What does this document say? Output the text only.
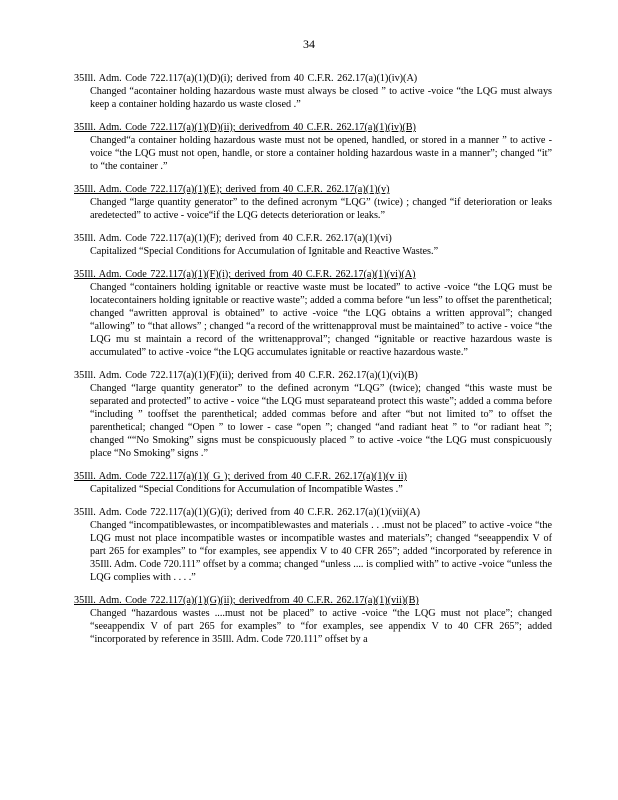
34
35Ill. Adm. Code 722.117(a)(1)(D)(i); derived from 40 C.F.R. 262.17(a)(1)(iv)(A)
Changed “acontainer holding hazardous waste must always be closed ” to active -voice “the LQG must always keep a container holding hazardo us waste closed .”
35Ill. Adm. Code 722.117(a)(1)(D)(ii); derivedfrom 40 C.F.R. 262.17(a)(1)(iv)(B)
Changed“a container holding hazardous waste must not be opened, handled, or stored in a manner ” to active -voice “the LQG must not open, handle, or store a container holding hazardous waste in a manner”; changed “it” to “the container .”
35Ill. Adm. Code 722.117(a)(1)(E); derived from 40 C.F.R. 262.17(a)(1)(v)
Changed “large quantity generator” to the defined acronym “LQG” (twice) ; changed “if deterioration or leaks aredetected” to active - voice“if the LQG detects deterioration or leaks.”
35Ill. Adm. Code 722.117(a)(1)(F); derived from 40 C.F.R. 262.17(a)(1)(vi)
Capitalized “Special Conditions for Accumulation of Ignitable and Reactive Wastes.”
35Ill. Adm. Code 722.117(a)(1)(F)(i); derived from 40 C.F.R. 262.17(a)(1)(vi)(A)
Changed “containers holding ignitable or reactive waste must be located” to active -voice “the LQG must be locatecontainers holding ignitable or reactive waste”; added a comma before “un less” to offset the parenthetical; changed “awritten approval is obtained” to active -voice “the LQG obtains a written approval”; changed “allowing” to “that allows” ; changed “a record of the writtenapproval must be maintained” to active - voice “the LQG mu st maintain a record of the writtenapproval”; changed “ignitable or reactive hazardous waste is accumulated” to active -voice “the LQG accumulates ignitable or reactive hazardous waste.”
35Ill. Adm. Code 722.117(a)(1)(F)(ii); derived from 40 C.F.R. 262.17(a)(1)(vi)(B)
Changed “large quantity generator” to the defined acronym “LQG” (twice); changed “this waste must be separated and protected” to active - voice “the LQG must separateand protect this waste”; added a comma before “including ” tooffset the parenthetical; added commas before and after “but not limited to” to offset the parenthetical; changed “Open ” to lower - case “open ”; changed “and radiant heat ” to “or radiant heat ”; changed ““No Smoking” signs must be conspicuously placed ” to active -voice “the LQG must conspicuously place “No Smoking” signs .”
35Ill. Adm. Code 722.117(a)(1)( G ); derived from 40 C.F.R. 262.17(a)(1)(v ii)
Capitalized “Special Conditions for Accumulation of Incompatible Wastes .”
35Ill. Adm. Code 722.117(a)(1)(G)(i); derived from 40 C.F.R. 262.17(a)(1)(vii)(A)
Changed “incompatiblewastes, or incompatiblewastes and materials . . .must not be placed” to active -voice “the LQG must not place incompatible wastes or incompatible wastes and materials”; changed “seeappendix V of part 265 for examples” to “for examples, see appendix V to 40 CFR 265”; added “incorporated by reference in 35Ill. Adm. Code 720.111” offset by a comma; changed “unless .... is complied with” to active -voice “unless the LQG complies with . . . .”
35Ill. Adm. Code 722.117(a)(1)(G)(ii); derivedfrom 40 C.F.R. 262.17(a)(1)(vii)(B)
Changed “hazardous wastes ....must not be placed” to active -voice “the LQG must not place”; changed “seeappendix V of part 265 for examples” to “for examples, see appendix V to 40 CFR 265”; added “incorporated by reference in 35Ill. Adm. Code 720.111” offset by a
